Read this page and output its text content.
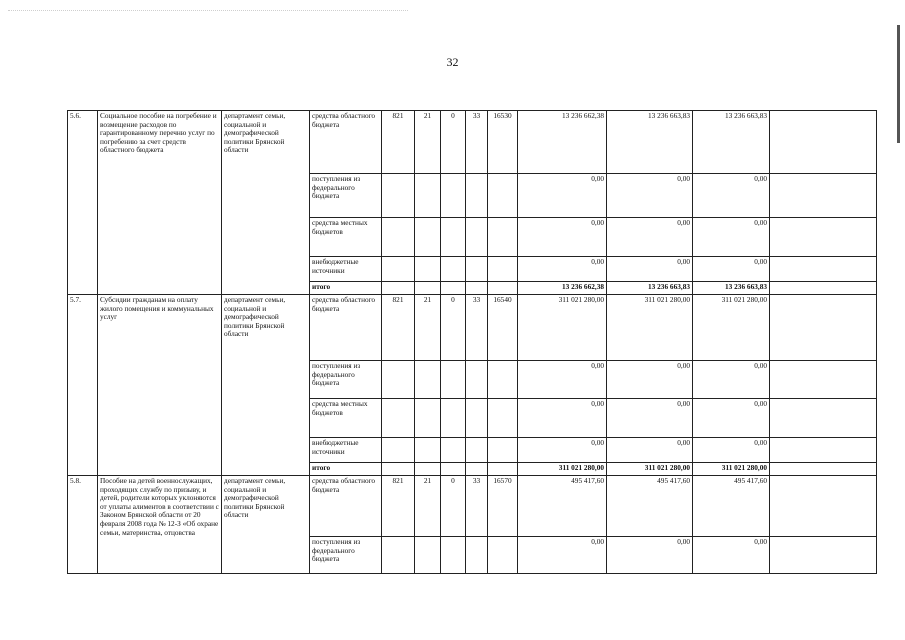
32
5.6.	Социальное пособие на погребение и возмещение расходов по гарантированному перечню услуг по погребению за счет средств областного бюджета	департамент семьи, социальной и демографической политики Брянской области	средства областного бюджета	821	21	0	33	16530	13 236 662,38	13 236 663,83	13 236 663,83	
			поступления из федерального бюджета						0,00	0,00	0,00	
			средства местных бюджетов						0,00	0,00	0,00	
			внебюджетные источники						0,00	0,00	0,00	
			итого						13 236 662,38	13 236 663,83	13 236 663,83	
5.7.	Субсидии гражданам на оплату жилого помещения и коммунальных услуг	департамент семьи, социальной и демографической политики Брянской области	средства областного бюджета	821	21	0	33	16540	311 021 280,00	311 021 280,00	311 021 280,00	
			поступления из федерального бюджета						0,00	0,00	0,00	
			средства местных бюджетов						0,00	0,00	0,00	
			внебюджетные источники						0,00	0,00	0,00	
			итого						311 021 280,00	311 021 280,00	311 021 280,00	
5.8.	Пособие на детей военнослужащих, проходящих службу по призыву, и детей, родители которых уклоняются от уплаты алиментов в соответствии с Законом Брянской области от 20 февраля 2008 года № 12-З «Об охране семьи, материнства, отцовства	департамент семьи, социальной и демографической политики Брянской области	средства областного бюджета	821	21	0	33	16570	495 417,60	495 417,60	495 417,60	
			поступления из федерального бюджета						0,00	0,00	0,00	
